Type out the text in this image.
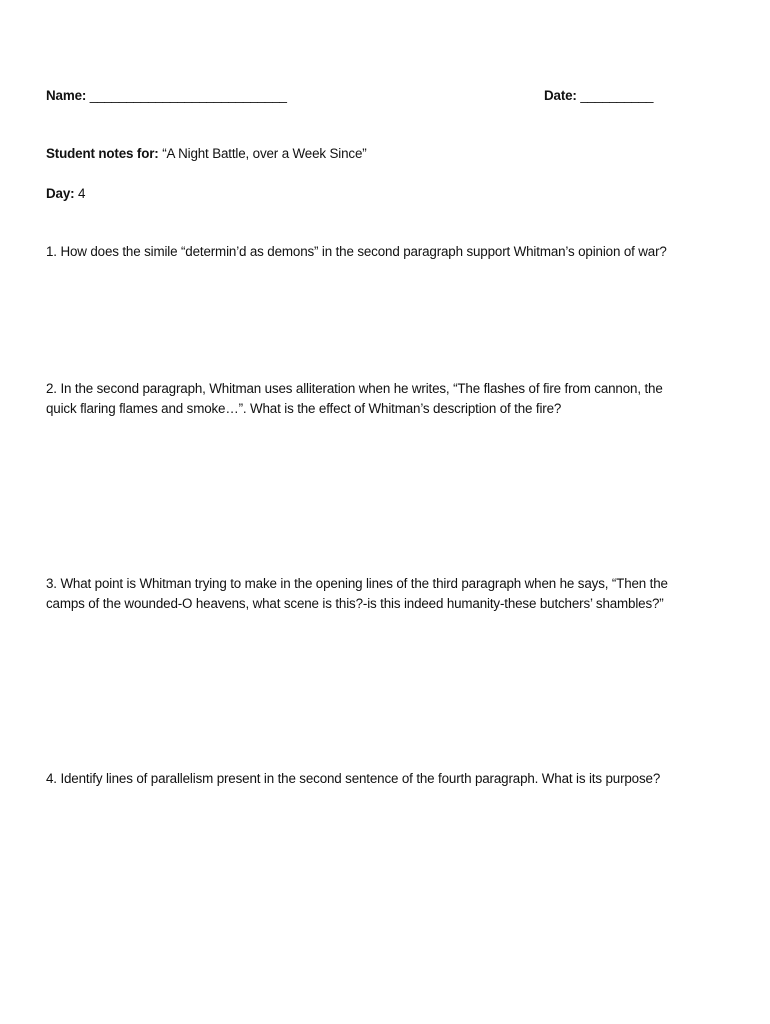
Name: ___________________________	Date: __________
Student notes for: “A Night Battle, over a Week Since”
Day: 4
1. How does the simile “determin’d as demons” in the second paragraph support Whitman’s opinion of war?
2. In the second paragraph, Whitman uses alliteration when he writes, “The flashes of fire from cannon, the
quick flaring flames and smoke…”. What is the effect of Whitman’s description of the fire?
3. What point is Whitman trying to make in the opening lines of the third paragraph when he says, “Then the
camps of the wounded-O heavens, what scene is this?-is this indeed humanity-these butchers’ shambles?”
4. Identify lines of parallelism present in the second sentence of the fourth paragraph. What is its purpose?
